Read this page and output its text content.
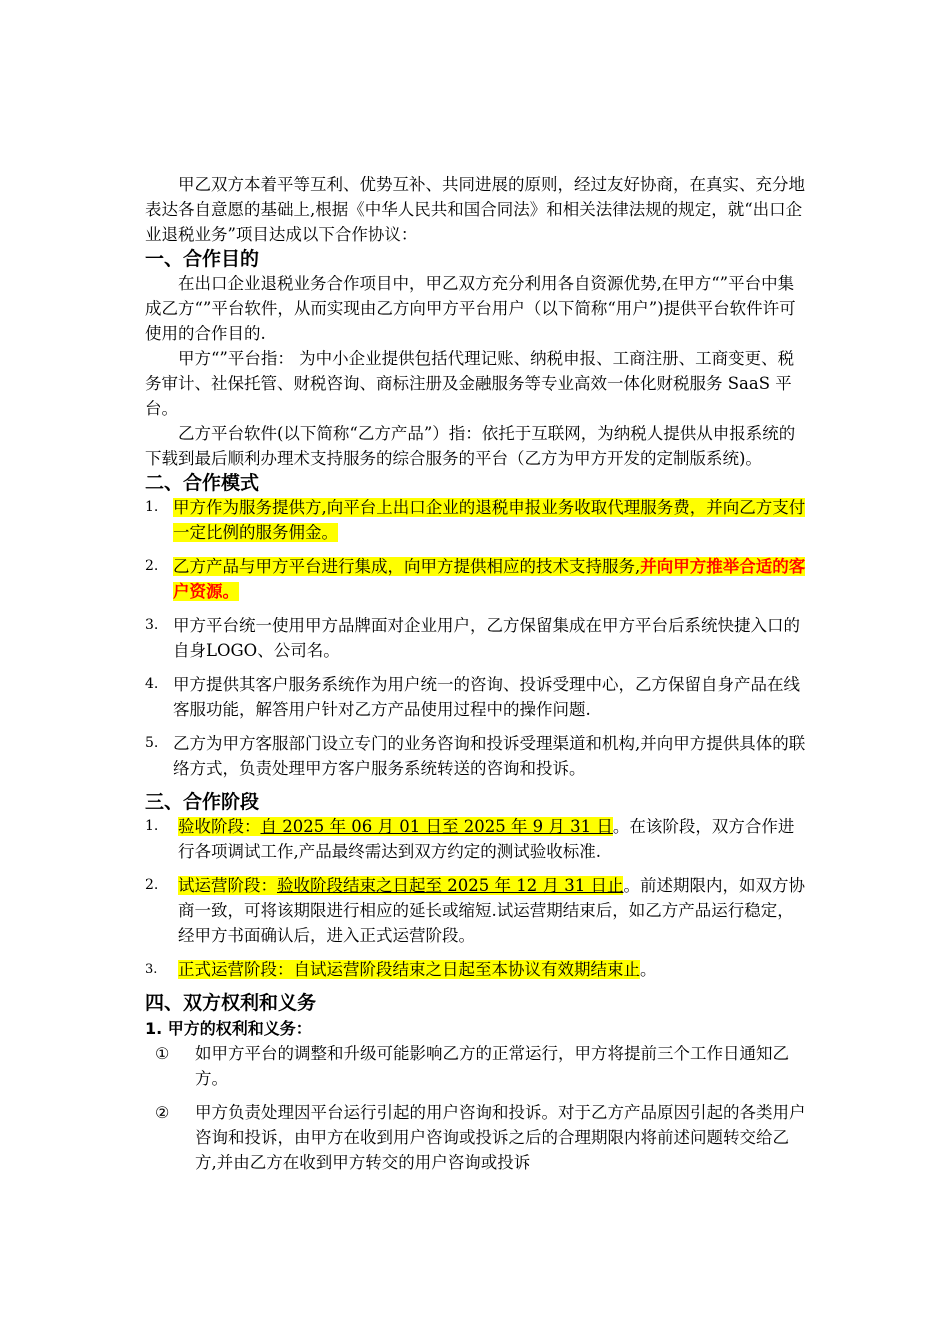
甲乙双方本着平等互利、优势互补、共同进展的原则，经过友好协商，在真实、充分地表达各自意愿的基础上,根据《中华人民共和国合同法》和相关法律法规的规定，就“出口企业退税业务”项目达成以下合作协议：

一、合作目的

在出口企业退税业务合作项目中，甲乙双方充分利用各自资源优势,在甲方“”平台中集成乙方“”平台软件，从而实现由乙方向甲方平台用户（以下简称“用户”)提供平台软件许可使用的合作目的.

甲方“”平台指： 为中小企业提供包括代理记账、纳税申报、工商注册、工商变更、税务审计、社保托管、财税咨询、商标注册及金融服务等专业高效一体化财税服务 SaaS 平台。

乙方平台软件(以下简称“乙方产品”）指：依托于互联网，为纳税人提供从申报系统的下载到最后顺利办理术支持服务的综合服务的平台（乙方为甲方开发的定制版系统)。

二、合作模式
1. 甲方作为服务提供方,向平台上出口企业的退税申报业务收取代理服务费，并向乙方支付一定比例的服务佣金。
2. 乙方产品与甲方平台进行集成，向甲方提供相应的技术支持服务,并向甲方推举合适的客户资源。
3. 甲方平台统一使用甲方品牌面对企业用户，乙方保留集成在甲方平台后系统快捷入口的自身LOGO、公司名。
4. 甲方提供其客户服务系统作为用户统一的咨询、投诉受理中心，乙方保留自身产品在线客服功能，解答用户针对乙方产品使用过程中的操作问题.
5. 乙方为甲方客服部门设立专门的业务咨询和投诉受理渠道和机构,并向甲方提供具体的联络方式，负责处理甲方客户服务系统转送的咨询和投诉。
三、合作阶段
1.	验收阶段：自 2025 年 06 月 01 日至 2025 年 9 月 31 日。在该阶段，双方合作进行各项调试工作,产品最终需达到双方约定的测试验收标准.
2.	试运营阶段：验收阶段结束之日起至 2025 年 12 月 31 日止。前述期限内，如双方协商一致，可将该期限进行相应的延长或缩短.试运营期结束后，如乙方产品运行稳定，经甲方书面确认后，进入正式运营阶段。
3.	正式运营阶段：自试运营阶段结束之日起至本协议有效期结束止。
四、双方权利和义务
1. 甲方的权利和义务：
①	如甲方平台的调整和升级可能影响乙方的正常运行，甲方将提前三个工作日通知乙方。
②	甲方负责处理因平台运行引起的用户咨询和投诉。对于乙方产品原因引起的各类用户咨询和投诉，由甲方在收到用户咨询或投诉之后的合理期限内将前述问题转交给乙方,并由乙方在收到甲方转交的用户咨询或投诉
